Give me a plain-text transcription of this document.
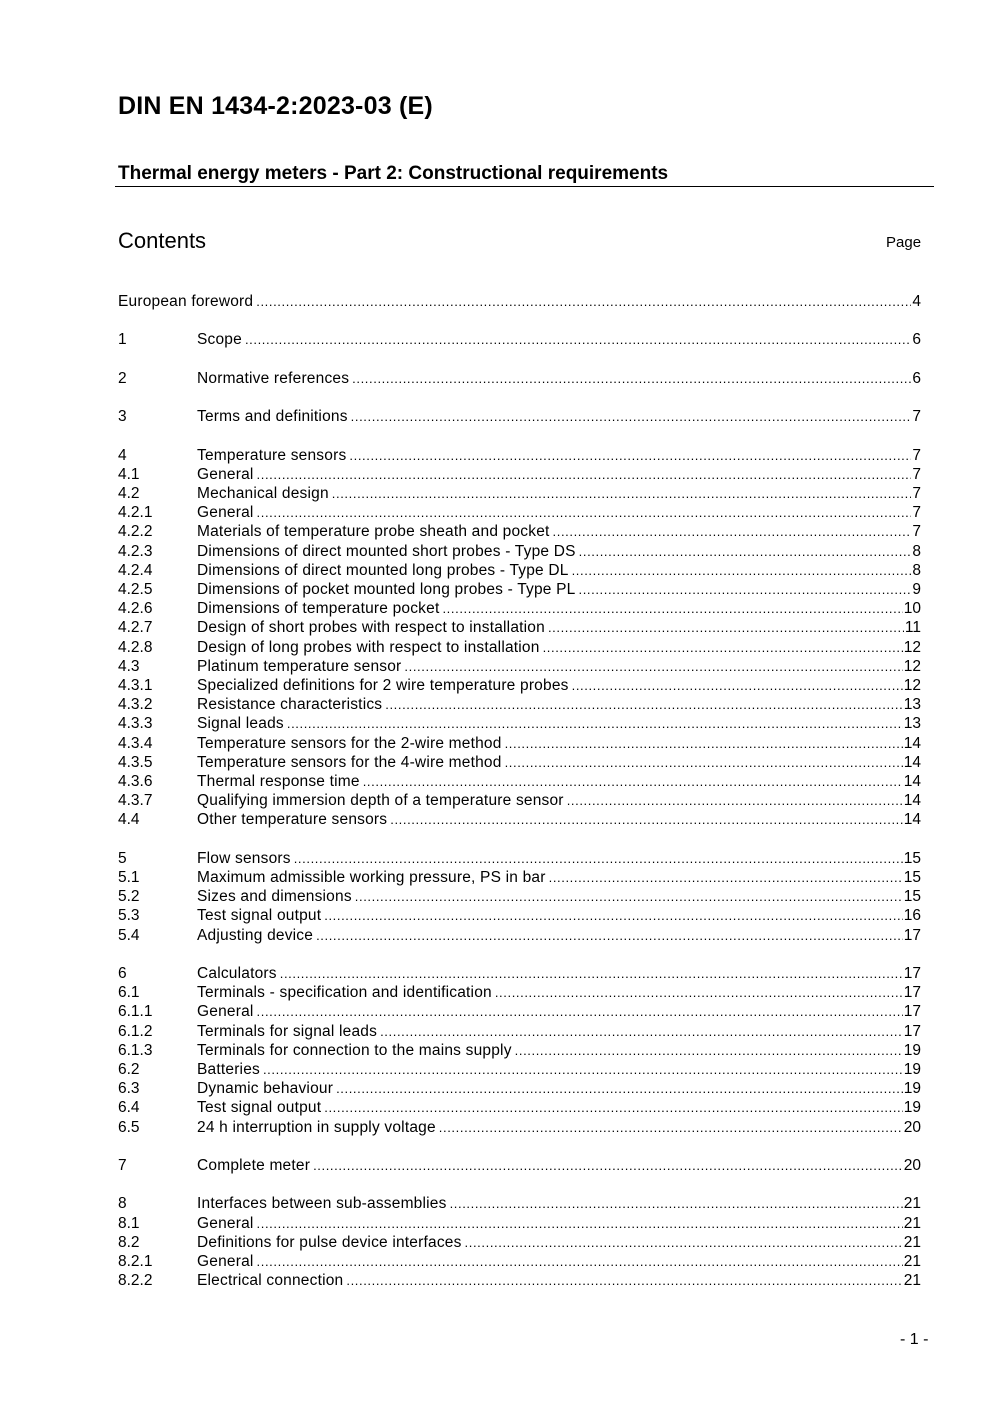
DIN EN 1434-2:2023-03 (E)
Thermal energy meters - Part 2: Constructional requirements
Contents	Page
European foreword .....	4
1	Scope .....	6
2	Normative references .....	6
3	Terms and definitions .....	7
4	Temperature sensors .....	7
4.1	General .....	7
4.2	Mechanical design .....	7
4.2.1	General .....	7
4.2.2	Materials of temperature probe sheath and pocket .....	7
4.2.3	Dimensions of direct mounted short probes - Type DS .....	8
4.2.4	Dimensions of direct mounted long probes - Type DL .....	8
4.2.5	Dimensions of pocket mounted long probes - Type PL .....	9
4.2.6	Dimensions of temperature pocket .....	10
4.2.7	Design of short probes with respect to installation .....	11
4.2.8	Design of long probes with respect to installation .....	12
4.3	Platinum temperature sensor .....	12
4.3.1	Specialized definitions for 2 wire temperature probes .....	12
4.3.2	Resistance characteristics .....	13
4.3.3	Signal leads .....	13
4.3.4	Temperature sensors for the 2-wire method .....	14
4.3.5	Temperature sensors for the 4-wire method .....	14
4.3.6	Thermal response time .....	14
4.3.7	Qualifying immersion depth of a temperature sensor .....	14
4.4	Other temperature sensors .....	14
5	Flow sensors .....	15
5.1	Maximum admissible working pressure, PS in bar .....	15
5.2	Sizes and dimensions .....	15
5.3	Test signal output .....	16
5.4	Adjusting device .....	17
6	Calculators .....	17
6.1	Terminals - specification and identification .....	17
6.1.1	General .....	17
6.1.2	Terminals for signal leads .....	17
6.1.3	Terminals for connection to the mains supply .....	19
6.2	Batteries .....	19
6.3	Dynamic behaviour .....	19
6.4	Test signal output .....	19
6.5	24 h interruption in supply voltage .....	20
7	Complete meter .....	20
8	Interfaces between sub-assemblies .....	21
8.1	General .....	21
8.2	Definitions for pulse device interfaces .....	21
8.2.1	General .....	21
8.2.2	Electrical connection .....	21
- 1 -
